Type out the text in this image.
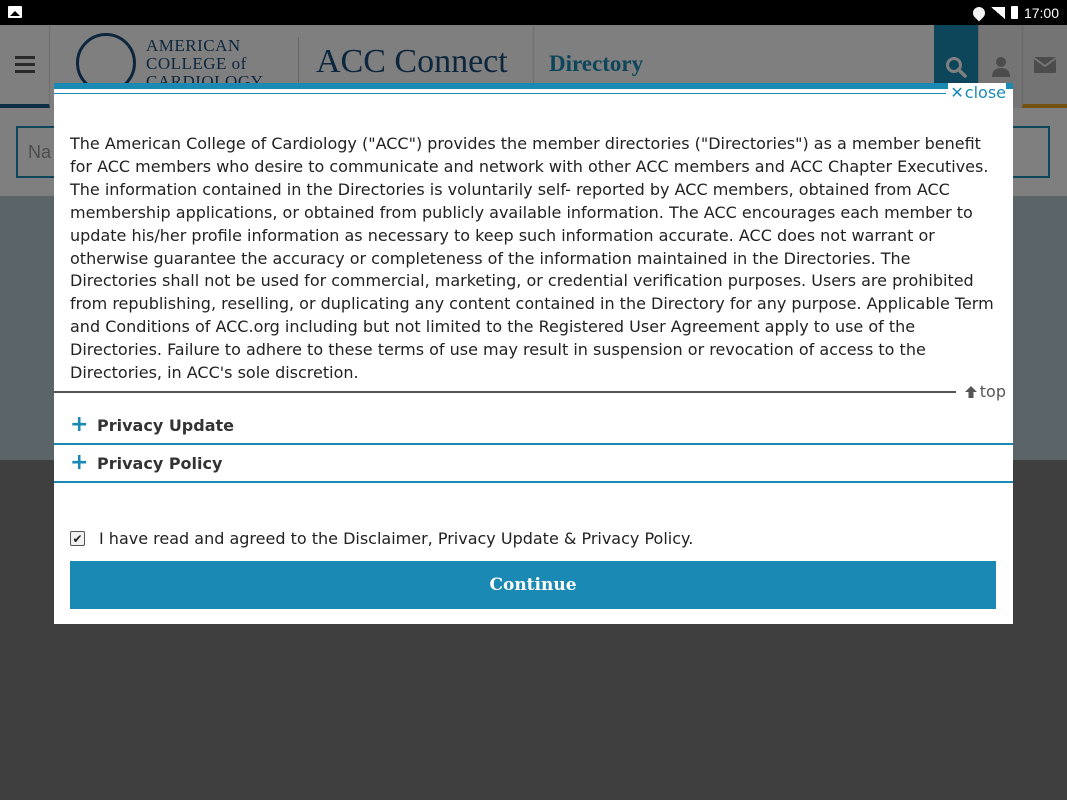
17:00
✕ close
The American College of Cardiology ("ACC") provides the member directories ("Directories") as a member benefit for ACC members who desire to communicate and network with other ACC members and ACC Chapter Executives. The information contained in the Directories is voluntarily self- reported by ACC members, obtained from ACC membership applications, or obtained from publicly available information. The ACC encourages each member to update his/her profile information as necessary to keep such information accurate. ACC does not warrant or otherwise guarantee the accuracy or completeness of the information maintained in the Directories. The Directories shall not be used for commercial, marketing, or credential verification purposes. Users are prohibited from republishing, reselling, or duplicating any content contained in the Directory for any purpose. Applicable Term and Conditions of ACC.org including but not limited to the Registered User Agreement apply to use of the Directories. Failure to adhere to these terms of use may result in suspension or revocation of access to the Directories, in ACC's sole discretion.
top
+ Privacy Update
+ Privacy Policy
✔ I have read and agreed to the Disclaimer, Privacy Update & Privacy Policy.
Continue
